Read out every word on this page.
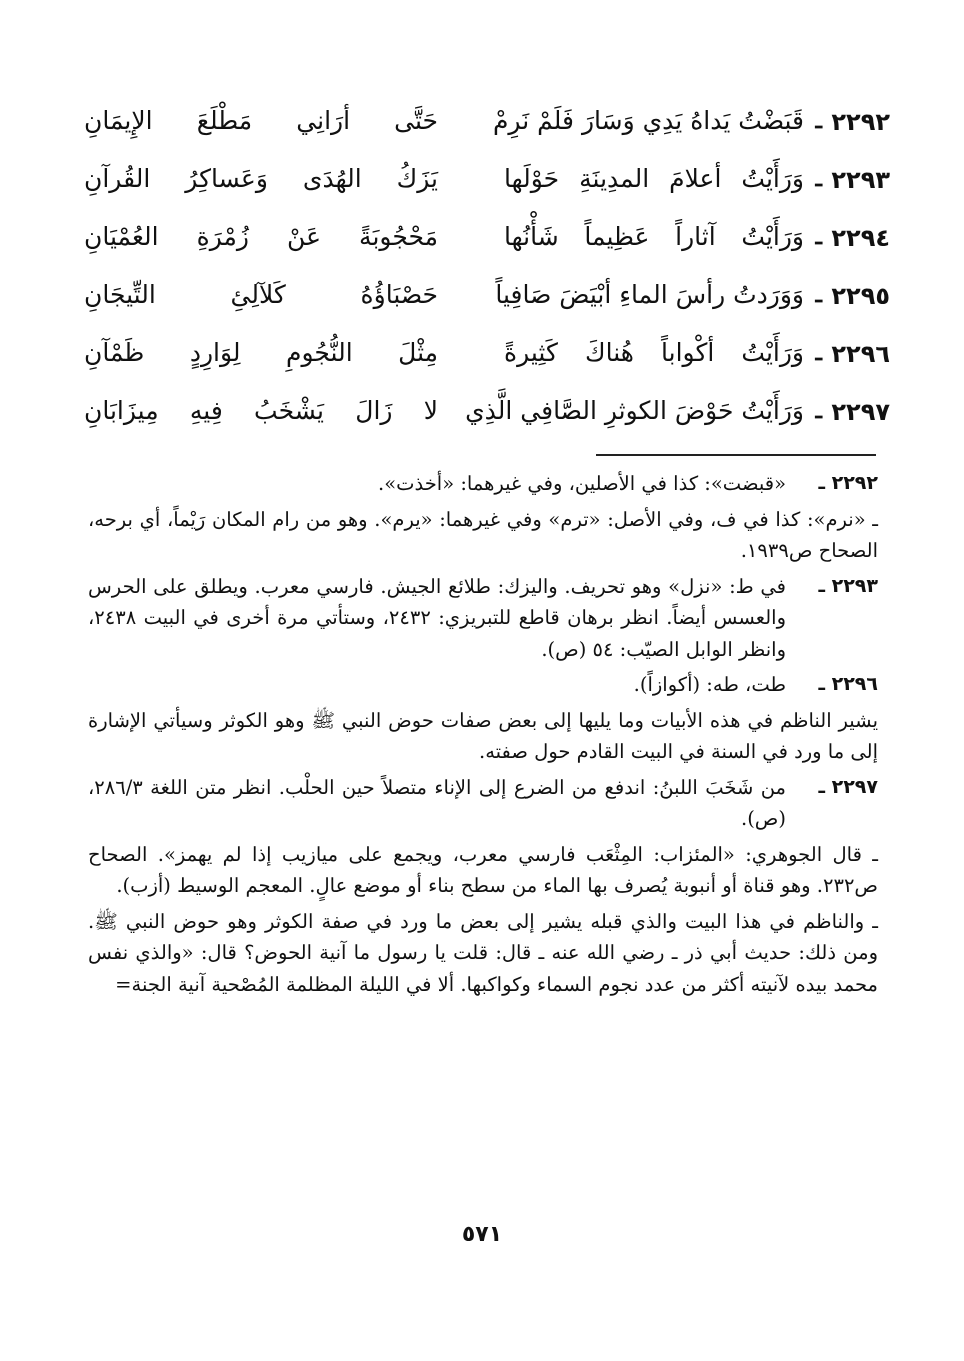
٢٢٩٢
ـ
قَبَضْتُ يَداهُ يَدِي وَسَارَ فَلَمْ نَرِمْ
حَتَّى أرَانِي مَطْلَعَ الإِيمَانِ
٢٢٩٣
ـ
وَرَأَيْتُ أعلامَ المدِينَةِ حَوْلَها
يَزَكُ الهُدَى وَعَساكِرُ القُرآنِ
٢٢٩٤
ـ
وَرَأَيْتُ آثاراً عَظِيماً شَأْنُها
مَحْجُوبَةً عَنْ زُمْرَةِ العُمْيَانِ
٢٢٩٥
ـ
وَوَرَدتُ رأسَ الماءِ أبْيَضَ صَافِياً
حَصْبَاؤُهُ كَلآلِئِ التِّيجَانِ
٢٢٩٦
ـ
وَرَأَيْتُ أكْواباً هُناكَ كَثِيرةً
مِثْلَ النُّجُومِ لِوَارِدٍ ظَمْآنِ
٢٢٩٧
ـ
وَرَأَيْتُ حَوْضَ الكوثرِ الصَّافِي الَّذِي
لا زَالَ يَشْخَبُ فِيهِ مِيزَابَانِ
٢٢٩٢ ـ
«قبضت»: كذا في الأصلين، وفي غيرهما: «أخذت».
ـ «نرم»: كذا في ف، وفي الأصل: «ترم» وفي غيرهما: «يرم». وهو من رام المكان رَيْماً، أي برحه، الصحاح ص١٩٣٩.
٢٢٩٣ ـ
في ط: «نزل» وهو تحريف. واليزك: طلائع الجيش. فارسي معرب. ويطلق على الحرس والعسس أيضاً. انظر برهان قاطع للتبريزي: ٢٤٣٢، وستأتي مرة أخرى في البيت ٢٤٣٨، وانظر الوابل الصيّب: ٥٤ (ص).
٢٢٩٦ ـ
طت، طه: (أكوازاً).
يشير الناظم في هذه الأبيات وما يليها إلى بعض صفات حوض النبي ﷺ وهو الكوثر وسيأتي الإشارة إلى ما ورد في السنة في البيت القادم حول صفته.
٢٢٩٧ ـ
من شَخَبَ اللبنُ: اندفع من الضرع إلى الإناء متصلاً حين الحلْب. انظر متن اللغة ٢٨٦/٣، (ص).
ـ قال الجوهري: «المئزاب: المِثْعَب فارسي معرب، ويجمع على ميازيب إذا لم يهمز». الصحاح ص٢٣٢. وهو قناة أو أنبوبة يُصرف بها الماء من سطح بناء أو موضع عالٍ. المعجم الوسيط (أزب).
ـ والناظم في هذا البيت والذي قبله يشير إلى بعض ما ورد في صفة الكوثر وهو حوض النبي ﷺ. ومن ذلك: حديث أبي ذر ـ رضي الله عنه ـ قال: قلت يا رسول ما آنية الحوض؟ قال: «والذي نفس محمد بيده لآنيته أكثر من عدد نجوم السماء وكواكبها. ألا في الليلة المظلمة المُصْحية آنية الجنة=
٥٧١
